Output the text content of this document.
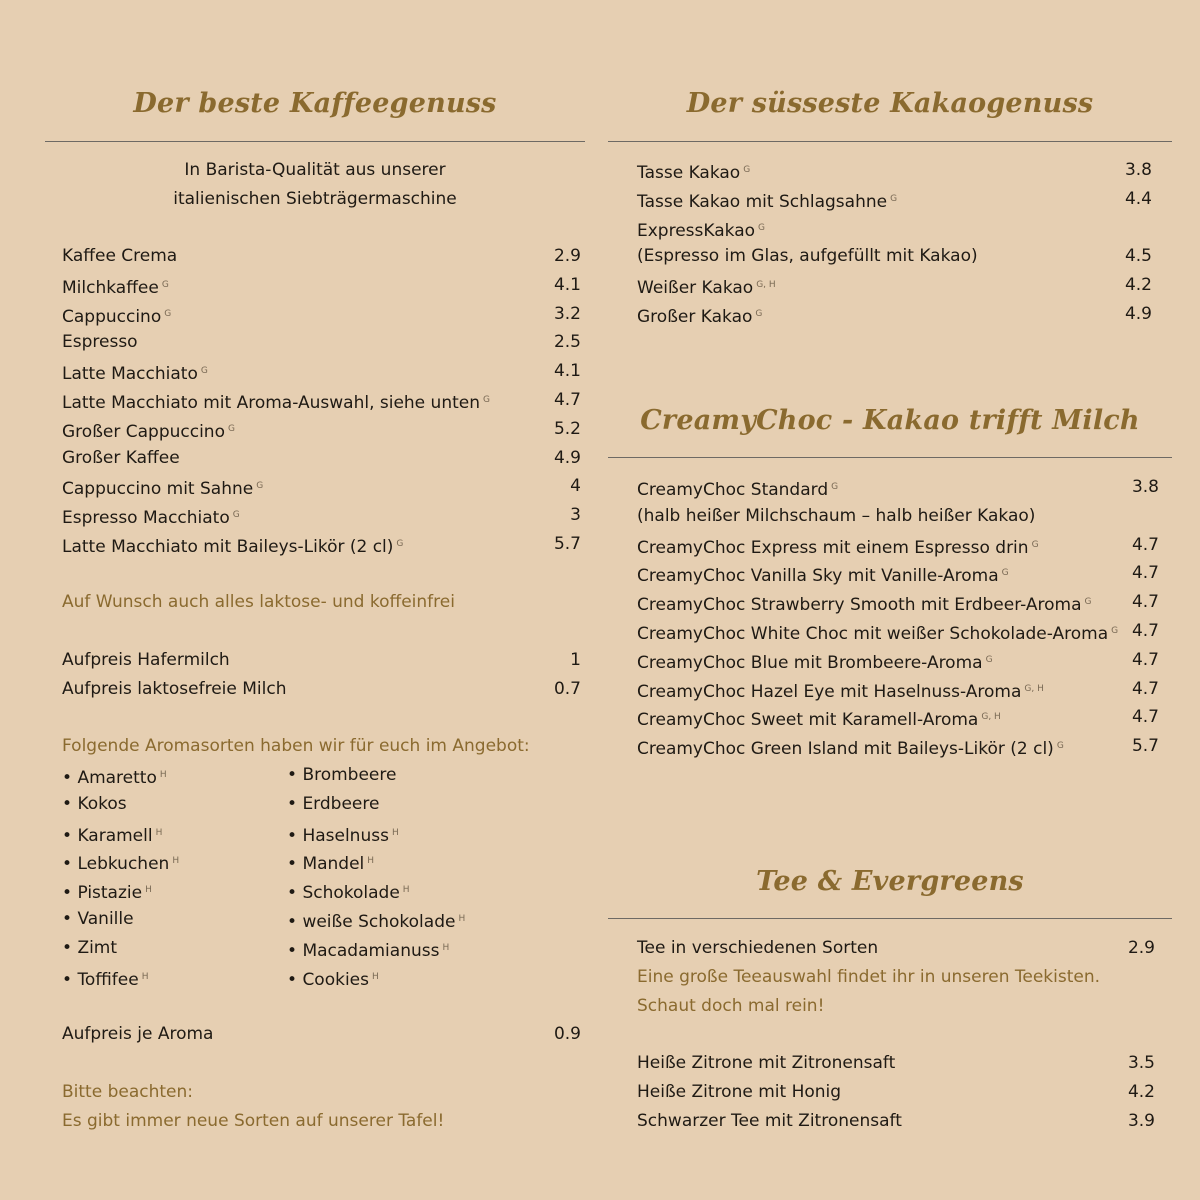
Der beste Kaffeegenuss
In Barista-Qualität aus unserer
italienischen Siebträgermaschine
Kaffee Crema	2.9
Milchkaffee $^G$	4.1
Cappuccino $^G$	3.2
Espresso	2.5
Latte Macchiato $^G$	4.1
Latte Macchiato mit Aroma-Auswahl, siehe unten $^G$	4.7
Großer Cappuccino $^G$	5.2
Großer Kaffee	4.9
Cappuccino mit Sahne $^G$	4
Espresso Macchiato $^G$	3
Latte Macchiato mit Baileys-Likör (2 cl) $^G$	5.7
Auf Wunsch auch alles laktose- und koffeinfrei
Aufpreis Hafermilch	1
Aufpreis laktosefreie Milch	0.7
Folgende Aromasorten haben wir für euch im Angebot:
• Amaretto $^H$
• Kokos
• Karamell $^H$
• Lebkuchen $^H$
• Pistazie $^H$
• Vanille
• Zimt
• Toffifee $^H$
• Brombeere
• Erdbeere
• Haselnuss $^H$
• Mandel $^H$
• Schokolade $^H$
• weiße Schokolade $^H$
• Macadamianuss $^H$
• Cookies $^H$
Aufpreis je Aroma	0.9
Bitte beachten:
Es gibt immer neue Sorten auf unserer Tafel!
Der süsseste Kakaogenuss
Tasse Kakao $^G$	3.8
Tasse Kakao mit Schlagsahne $^G$	4.4
ExpressKakao $^G$
(Espresso im Glas, aufgefüllt mit Kakao)	4.5
Weißer Kakao $^{G, H}$	4.2
Großer Kakao $^G$	4.9
CreamyChoc - Kakao trifft Milch
CreamyChoc Standard $^G$	3.8
(halb heißer Milchschaum – halb heißer Kakao)
CreamyChoc Express mit einem Espresso drin $^G$	4.7
CreamyChoc Vanilla Sky mit Vanille-Aroma $^G$	4.7
CreamyChoc Strawberry Smooth mit Erdbeer-Aroma $^G$ 4.7
CreamyChoc White Choc mit weißer Schokolade-Aroma $^G$ 4.7
CreamyChoc Blue mit Brombeere-Aroma $^G$	4.7
CreamyChoc Hazel Eye mit Haselnuss-Aroma $^{G, H}$	4.7
CreamyChoc Sweet mit Karamell-Aroma $^{G, H}$	4.7
CreamyChoc Green Island mit Baileys-Likör (2 cl) $^G$	5.7
Tee & Evergreens
Tee in verschiedenen Sorten	2.9
Eine große Teeauswahl findet ihr in unseren Teekisten.
Schaut doch mal rein!
Heiße Zitrone mit Zitronensaft	3.5
Heiße Zitrone mit Honig	4.2
Schwarzer Tee mit Zitronensaft	3.9
